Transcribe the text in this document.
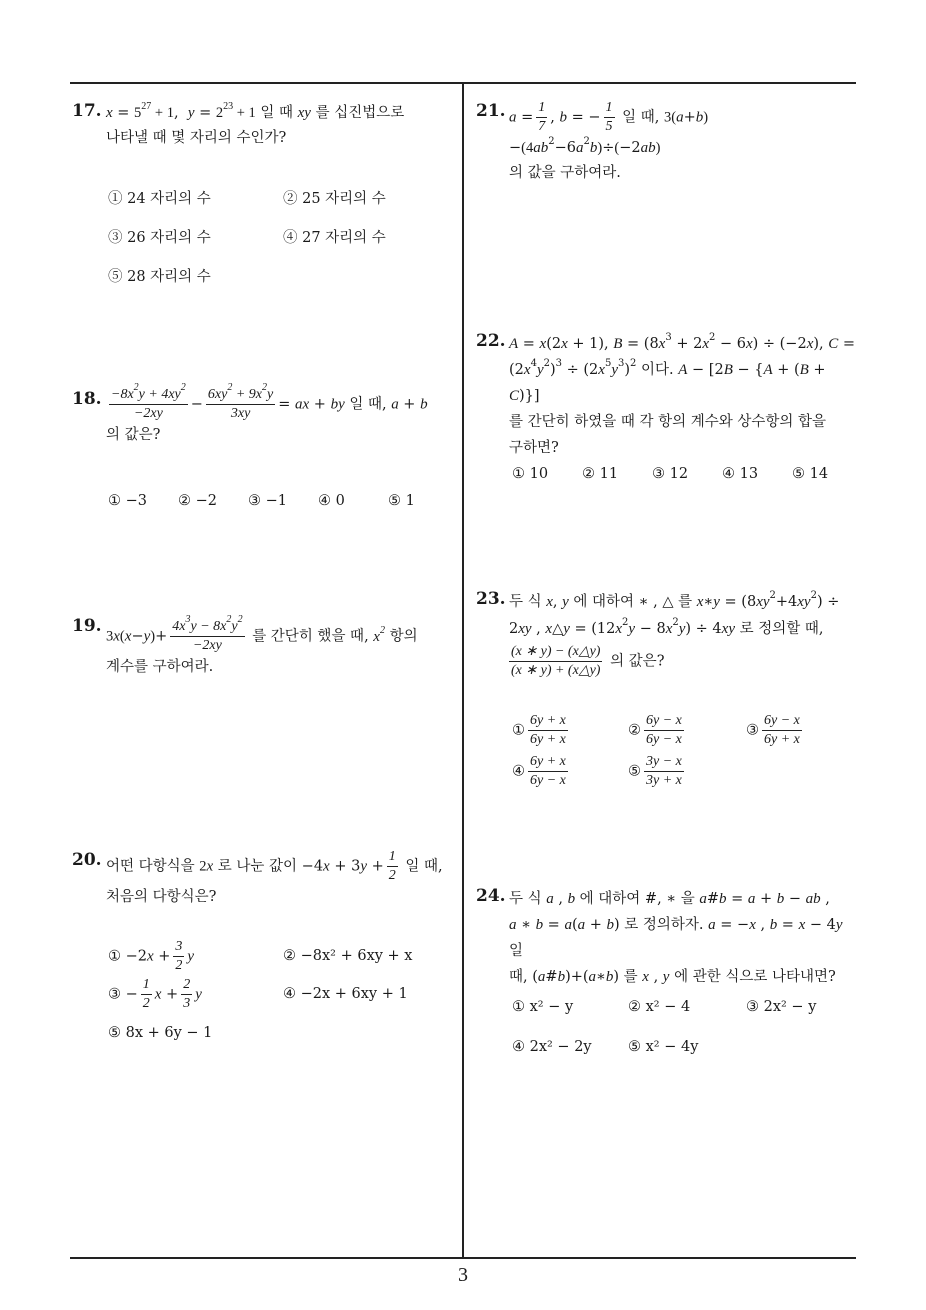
17. $x = 5^{27} + 1$,  $y = 2^{23} + 1$ 일 때 xy 를 십진법으로
나타낼 때 몇 자리의 수인가?
① 24 자리의 수	② 25 자리의 수
③ 26 자리의 수	④ 27 자리의 수
⑤ 28 자리의 수
18. $\frac{-8x^2y + 4xy^2}{-2xy} - \frac{6xy^2 + 9x^2y}{3xy}$ = ax + by 일 때, a + b
의 값은?
① −3 ② −2 ③ −1 ④ 0	⑤ 1
19.
$3x(x-y)+ \frac{4x^3y - 8x^2y^2}{-2xy}$ 를 간단히 했을 때, $x^2$ 항의
계수를 구하여라.
20. 어떤 다항식을 2x 로 나눈 값이 $-4x + 3y + \frac{1}{2}$ 일 때,
처음의 다항식은?
① $-2x + \frac{3}{2}$ y	② −8x² + 6xy + x
③ − $\frac{1}{2}$ $x + \frac{2}{3}$ y	④ −2x + 6xy + 1
⑤ 8x + 6y − 1
21. $a = \frac{1}{7}$ , b = − $\frac{1}{5}$ 일 때, $3(a+b)-(4ab^2-6a^2b)\div(-2ab)$
의 값을 구하여라.
22. A = x(2x + 1), $B = (8x^3 + 2x^2 - 6x) \div (-2x)$, C =
$(2x^4y^2)^3 \div (2x^5y^3)^2$ 이다. A − [2B − {A + (B + C)}]
를 간단히 하였을 때 각 항의 계수와 상수항의 합을
구하면?
① 10 ② 11 ③ 12 ④ 13 ⑤ 14
23. 두 식 x, y 에 대하여 ∗ , △ 를 x∗y = $(8xy^2+4xy^2)$ ÷
2xy , x△y = $(12x^2y - 8x^2y) \div 4xy$ 로 정의할 때,

$\frac{(x ∗ y) - (x\triangle y)}{(x ∗ y) + (x\triangle y)}$ 의 값은?
① $\frac{6y + x}{6y + x}$	② $\frac{6y - x}{6y - x}$	③ $\frac{6y - x}{6y + x}$
④ $\frac{6y + x}{6y - x}$	⑤ $\frac{3y - x}{3y + x}$
24. 두 식 a , b 에 대하여 #, ∗ 을 a#b = a + b − ab ,
a ∗ b = a(a + b) 로 정의하자. a = −x , b = x − 4y 일
때, (a#b)+(a∗b) 를 x , y 에 관한 식으로 나타내면?
① x² − y	② x² − 4	③ 2x² − y
④ 2x² − 2y	⑤ x² − 4y
3
